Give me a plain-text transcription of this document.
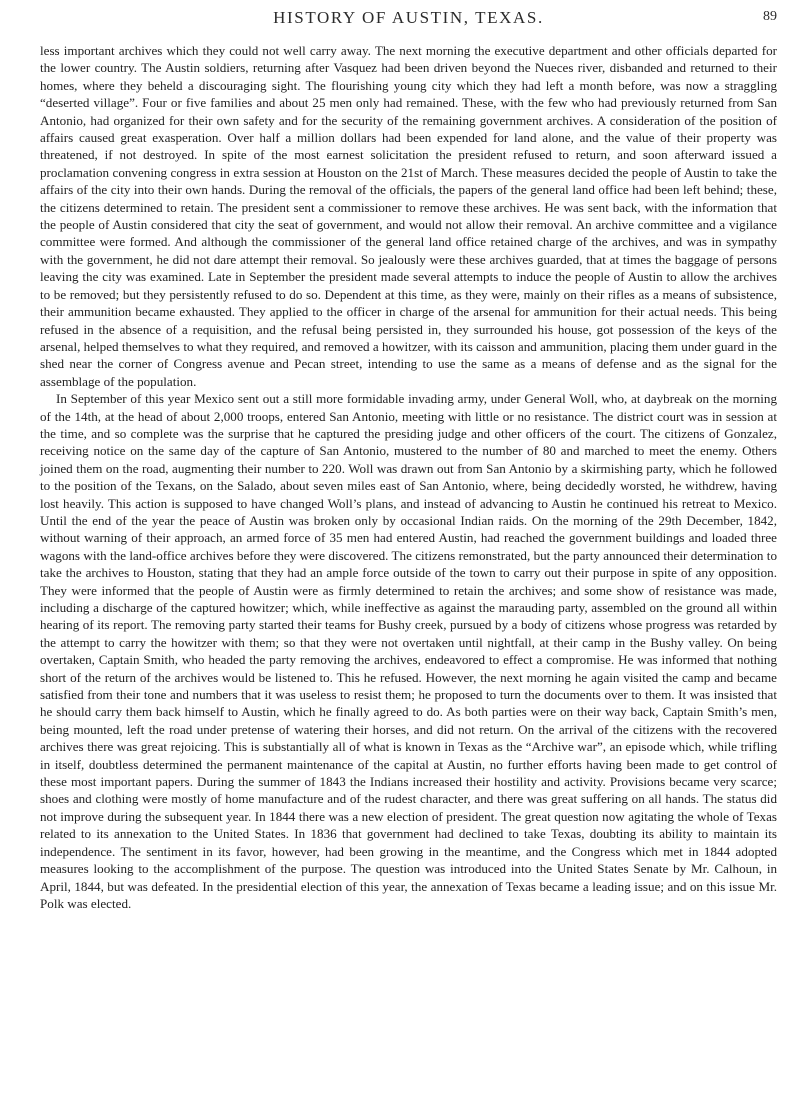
HISTORY OF AUSTIN, TEXAS.	89

less important archives which they could not well carry away. The next morning the executive department and other officials departed for the lower country. The Austin soldiers, returning after Vasquez had been driven beyond the Nueces river, disbanded and returned to their homes, where they beheld a discouraging sight. The flourishing young city which they had left a month before, was now a straggling “deserted village”. Four or five families and about 25 men only had remained. These, with the few who had previously returned from San Antonio, had organized for their own safety and for the security of the remaining government archives. A consideration of the position of affairs caused great exasperation. Over half a million dollars had been expended for land alone, and the value of their property was threatened, if not destroyed. In spite of the most earnest solicitation the president refused to return, and soon afterward issued a proclamation convening congress in extra session at Houston on the 21st of March. These measures decided the people of Austin to take the affairs of the city into their own hands. During the removal of the officials, the papers of the general land office had been left behind; these, the citizens determined to retain. The president sent a commissioner to remove these archives. He was sent back, with the information that the people of Austin considered that city the seat of government, and would not allow their removal. An archive committee and a vigilance committee were formed. And although the commissioner of the general land office retained charge of the archives, and was in sympathy with the government, he did not dare attempt their removal. So jealously were these archives guarded, that at times the baggage of persons leaving the city was examined. Late in September the president made several attempts to induce the people of Austin to allow the archives to be removed; but they persistently refused to do so. Dependent at this time, as they were, mainly on their rifles as a means of subsistence, their ammunition became exhausted. They applied to the officer in charge of the arsenal for ammunition for their actual needs. This being refused in the absence of a requisition, and the refusal being persisted in, they surrounded his house, got possession of the keys of the arsenal, helped themselves to what they required, and removed a howitzer, with its caisson and ammunition, placing them under guard in the shed near the corner of Congress avenue and Pecan street, intending to use the same as a means of defense and as the signal for the assemblage of the population.

In September of this year Mexico sent out a still more formidable invading army, under General Woll, who, at daybreak on the morning of the 14th, at the head of about 2,000 troops, entered San Antonio, meeting with little or no resistance. The district court was in session at the time, and so complete was the surprise that he captured the presiding judge and other officers of the court. The citizens of Gonzalez, receiving notice on the same day of the capture of San Antonio, mustered to the number of 80 and marched to meet the enemy. Others joined them on the road, augmenting their number to 220. Woll was drawn out from San Antonio by a skirmishing party, which he followed to the position of the Texans, on the Salado, about seven miles east of San Antonio, where, being decidedly worsted, he withdrew, having lost heavily. This action is supposed to have changed Woll’s plans, and instead of advancing to Austin he continued his retreat to Mexico. Until the end of the year the peace of Austin was broken only by occasional Indian raids. On the morning of the 29th December, 1842, without warning of their approach, an armed force of 35 men had entered Austin, had reached the government buildings and loaded three wagons with the land-office archives before they were discovered. The citizens remonstrated, but the party announced their determination to take the archives to Houston, stating that they had an ample force outside of the town to carry out their purpose in spite of any opposition. They were informed that the people of Austin were as firmly determined to retain the archives; and some show of resistance was made, including a discharge of the captured howitzer; which, while ineffective as against the marauding party, assembled on the ground all within hearing of its report. The removing party started their teams for Bushy creek, pursued by a body of citizens whose progress was retarded by the attempt to carry the howitzer with them; so that they were not overtaken until nightfall, at their camp in the Bushy valley. On being overtaken, Captain Smith, who headed the party removing the archives, endeavored to effect a compromise. He was informed that nothing short of the return of the archives would be listened to. This he refused. However, the next morning he again visited the camp and became satisfied from their tone and numbers that it was useless to resist them; he proposed to turn the documents over to them. It was insisted that he should carry them back himself to Austin, which he finally agreed to do. As both parties were on their way back, Captain Smith’s men, being mounted, left the road under pretense of watering their horses, and did not return. On the arrival of the citizens with the recovered archives there was great rejoicing. This is substantially all of what is known in Texas as the “Archive war”, an episode which, while trifling in itself, doubtless determined the permanent maintenance of the capital at Austin, no further efforts having been made to get control of these most important papers. During the summer of 1843 the Indians increased their hostility and activity. Provisions became very scarce; shoes and clothing were mostly of home manufacture and of the rudest character, and there was great suffering on all hands. The status did not improve during the subsequent year. In 1844 there was a new election of president. The great question now agitating the whole of Texas related to its annexation to the United States. In 1836 that government had declined to take Texas, doubting its ability to maintain its independence. The sentiment in its favor, however, had been growing in the meantime, and the Congress which met in 1844 adopted measures looking to the accomplishment of the purpose. The question was introduced into the United States Senate by Mr. Calhoun, in April, 1844, but was defeated. In the presidential election of this year, the annexation of Texas became a leading issue; and on this issue Mr. Polk was elected.
